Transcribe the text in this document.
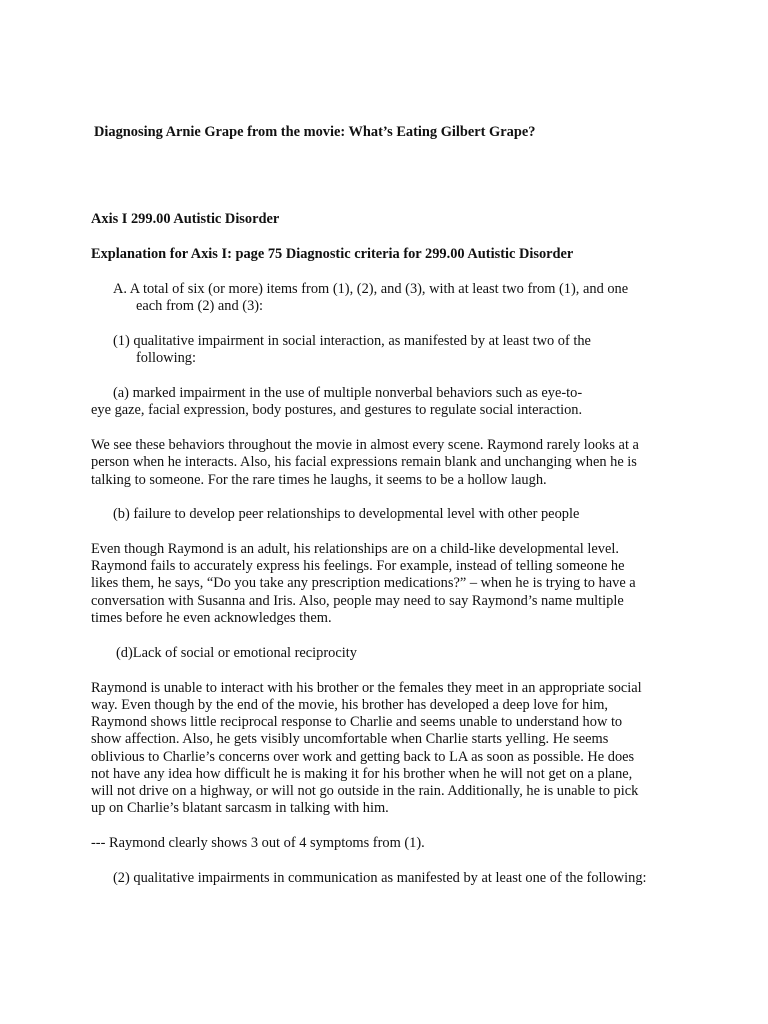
Diagnosing Arnie Grape from the movie: What’s Eating Gilbert Grape?

Axis I 299.00 Autistic Disorder

Explanation for Axis I: page 75 Diagnostic criteria for 299.00 Autistic Disorder

A. A total of six (or more) items from (1), (2), and (3), with at least two from (1), and one

each from (2) and (3):

(1) qualitative impairment in social interaction, as manifested by at least two of the

following:

(a) marked impairment in the use of multiple nonverbal behaviors such as eye-to-

eye gaze, facial expression, body postures, and gestures to regulate social interaction.

We see these behaviors throughout the movie in almost every scene. Raymond rarely looks at a

person when he interacts. Also, his facial expressions remain blank and unchanging when he is

talking to someone. For the rare times he laughs, it seems to be a hollow laugh.

(b) failure to develop peer relationships to developmental level with other people

Even though Raymond is an adult, his relationships are on a child-like developmental level.

Raymond fails to accurately express his feelings. For example, instead of telling someone he

likes them, he says, “Do you take any prescription medications?” – when he is trying to have a

conversation with Susanna and Iris. Also, people may need to say Raymond’s name multiple

times before he even acknowledges them.

(d)Lack of social or emotional reciprocity

Raymond is unable to interact with his brother or the females they meet in an appropriate social

way. Even though by the end of the movie, his brother has developed a deep love for him,

Raymond shows little reciprocal response to Charlie and seems unable to understand how to

show affection. Also, he gets visibly uncomfortable when Charlie starts yelling. He seems

oblivious to Charlie’s concerns over work and getting back to LA as soon as possible. He does

not have any idea how difficult he is making it for his brother when he will not get on a plane,

will not drive on a highway, or will not go outside in the rain. Additionally, he is unable to pick

up on Charlie’s blatant sarcasm in talking with him.

--- Raymond clearly shows 3 out of 4 symptoms from (1).

(2) qualitative impairments in communication as manifested by at least one of the following:
